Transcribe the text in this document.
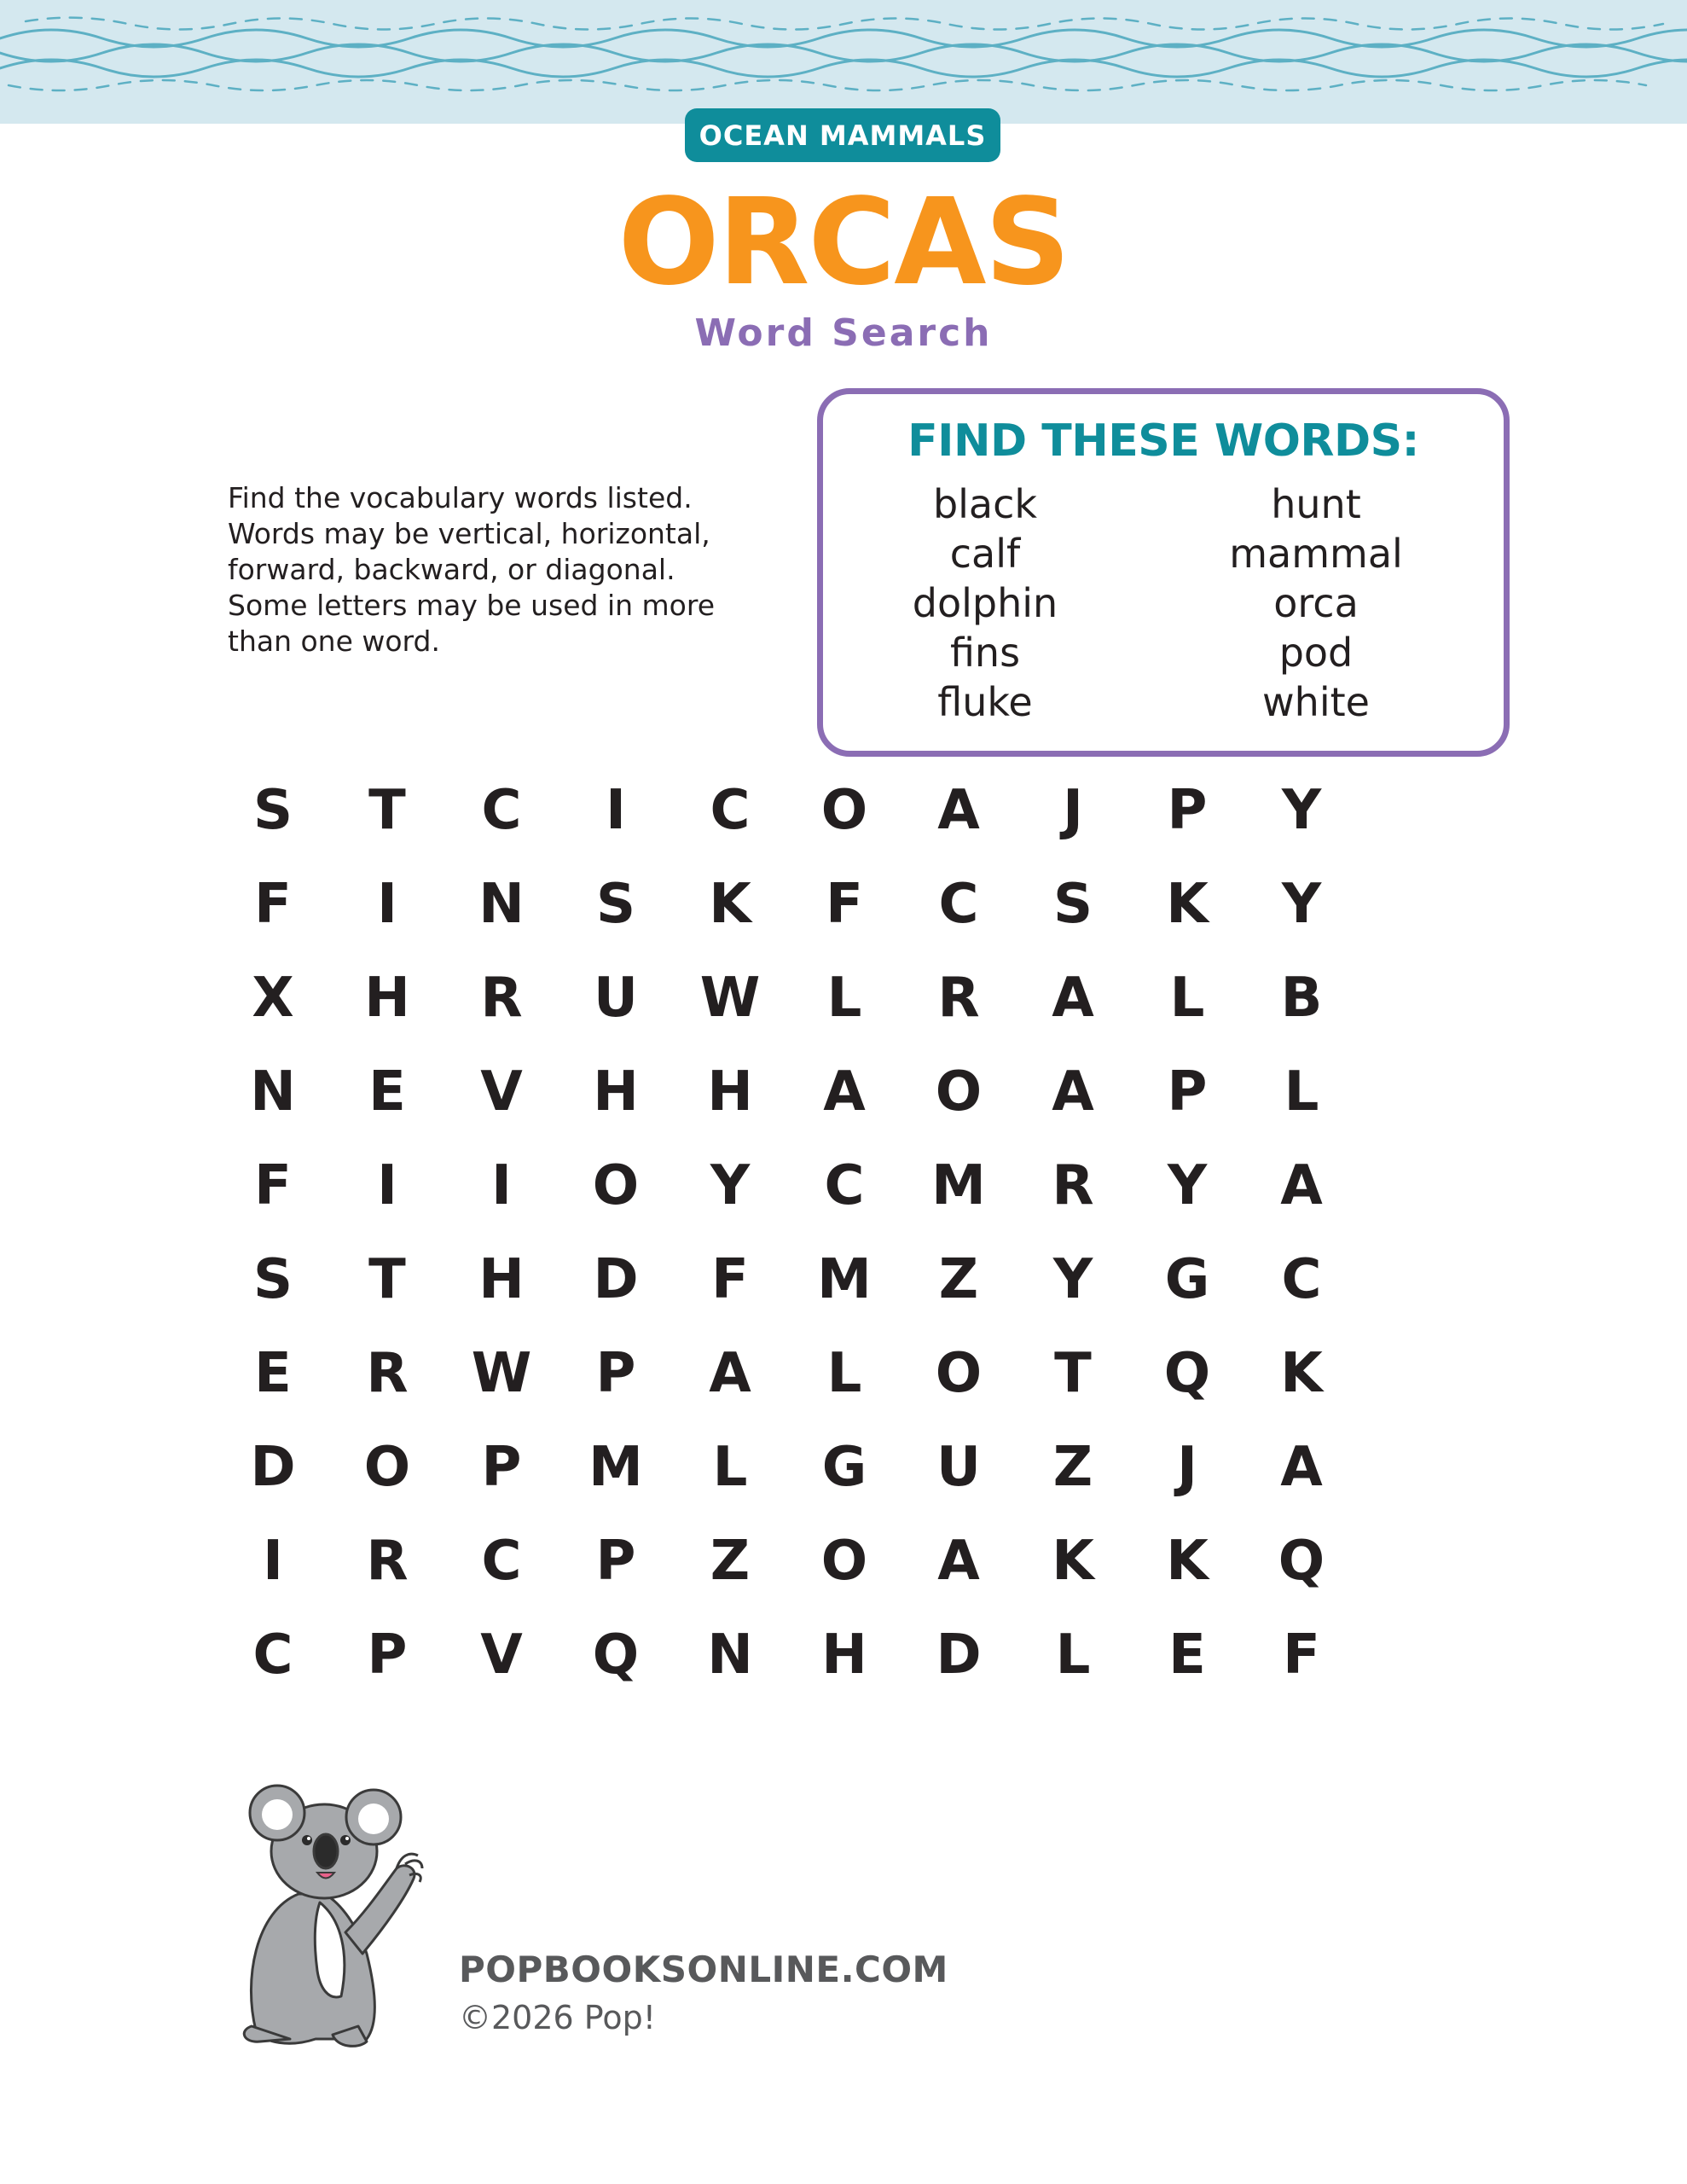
OCEAN MAMMALS
ORCAS
Word Search
Find the vocabulary words listed.
Words may be vertical, horizontal,
forward, backward, or diagonal.
Some letters may be used in more
than one word.
FIND THESE WORDS:
black
calf
dolphin
fins
fluke
hunt
mammal
orca
pod
white
S	T	C	I	C	O	A	J	P	Y
F	I	N	S	K	F	C	S	K	Y
X	H	R	U	W	L	R	A	L	B
N	E	V	H	H	A	O	A	P	L
F	I	I	O	Y	C	M	R	Y	A
S	T	H	D	F	M	Z	Y	G	C
E	R	W	P	A	L	O	T	Q	K
D	O	P	M	L	G	U	Z	J	A
I	R	C	P	Z	O	A	K	K	Q
C	P	V	Q	N	H	D	L	E	F
POPBOOKSONLINE.COM
©2026 Pop!
